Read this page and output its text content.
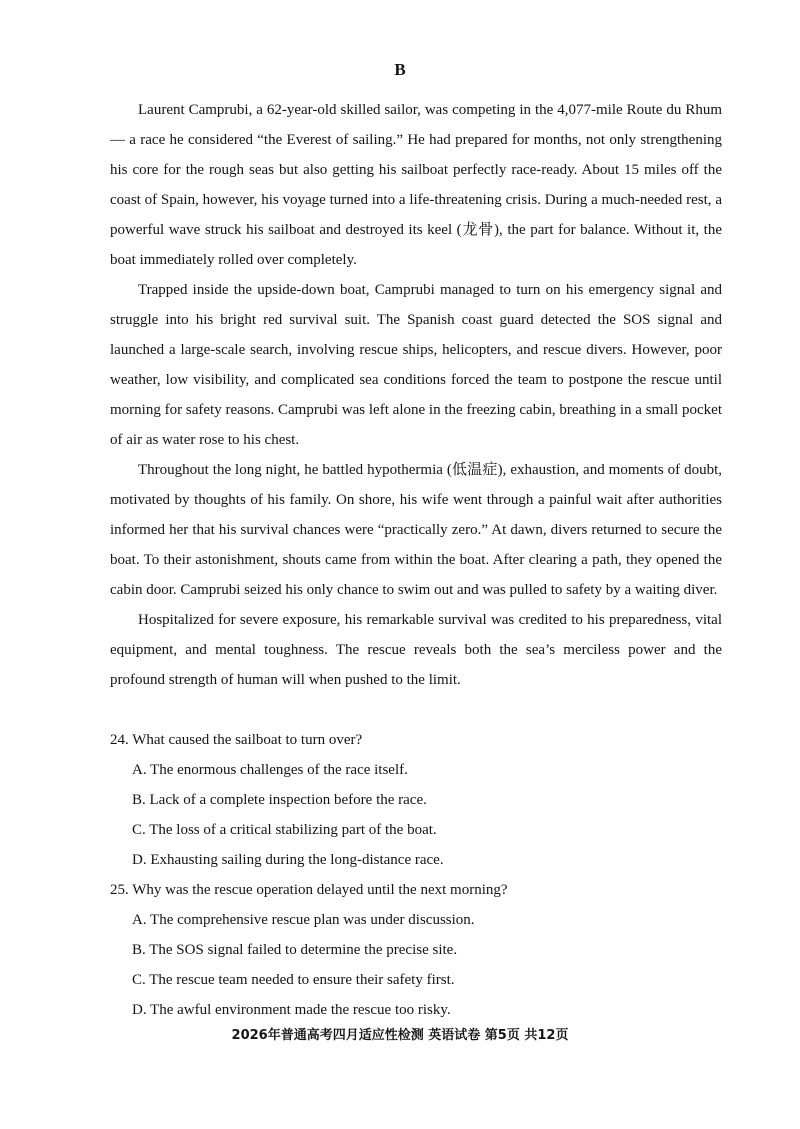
B

Laurent Camprubi, a 62-year-old skilled sailor, was competing in the 4,077-mile Route du Rhum — a race he considered “the Everest of sailing.” He had prepared for months, not only strengthening his core for the rough seas but also getting his sailboat perfectly race-ready. About 15 miles off the coast of Spain, however, his voyage turned into a life-threatening crisis. During a much-needed rest, a powerful wave struck his sailboat and destroyed its keel (龙骨), the part for balance. Without it, the boat immediately rolled over completely.

Trapped inside the upside-down boat, Camprubi managed to turn on his emergency signal and struggle into his bright red survival suit. The Spanish coast guard detected the SOS signal and launched a large-scale search, involving rescue ships, helicopters, and rescue divers. However, poor weather, low visibility, and complicated sea conditions forced the team to postpone the rescue until morning for safety reasons. Camprubi was left alone in the freezing cabin, breathing in a small pocket of air as water rose to his chest.

Throughout the long night, he battled hypothermia (低温症), exhaustion, and moments of doubt, motivated by thoughts of his family. On shore, his wife went through a painful wait after authorities informed her that his survival chances were “practically zero.” At dawn, divers returned to secure the boat. To their astonishment, shouts came from within the boat. After clearing a path, they opened the cabin door. Camprubi seized his only chance to swim out and was pulled to safety by a waiting diver.

Hospitalized for severe exposure, his remarkable survival was credited to his preparedness, vital equipment, and mental toughness. The rescue reveals both the sea’s merciless power and the profound strength of human will when pushed to the limit.

24. What caused the sailboat to turn over?

A. The enormous challenges of the race itself.

B. Lack of a complete inspection before the race.

C. The loss of a critical stabilizing part of the boat.

D. Exhausting sailing during the long-distance race.

25. Why was the rescue operation delayed until the next morning?

A. The comprehensive rescue plan was under discussion.

B. The SOS signal failed to determine the precise site.

C. The rescue team needed to ensure their safety first.

D. The awful environment made the rescue too risky.

2026年普通高考四月适应性检测 英语试卷 第5页 共12页
